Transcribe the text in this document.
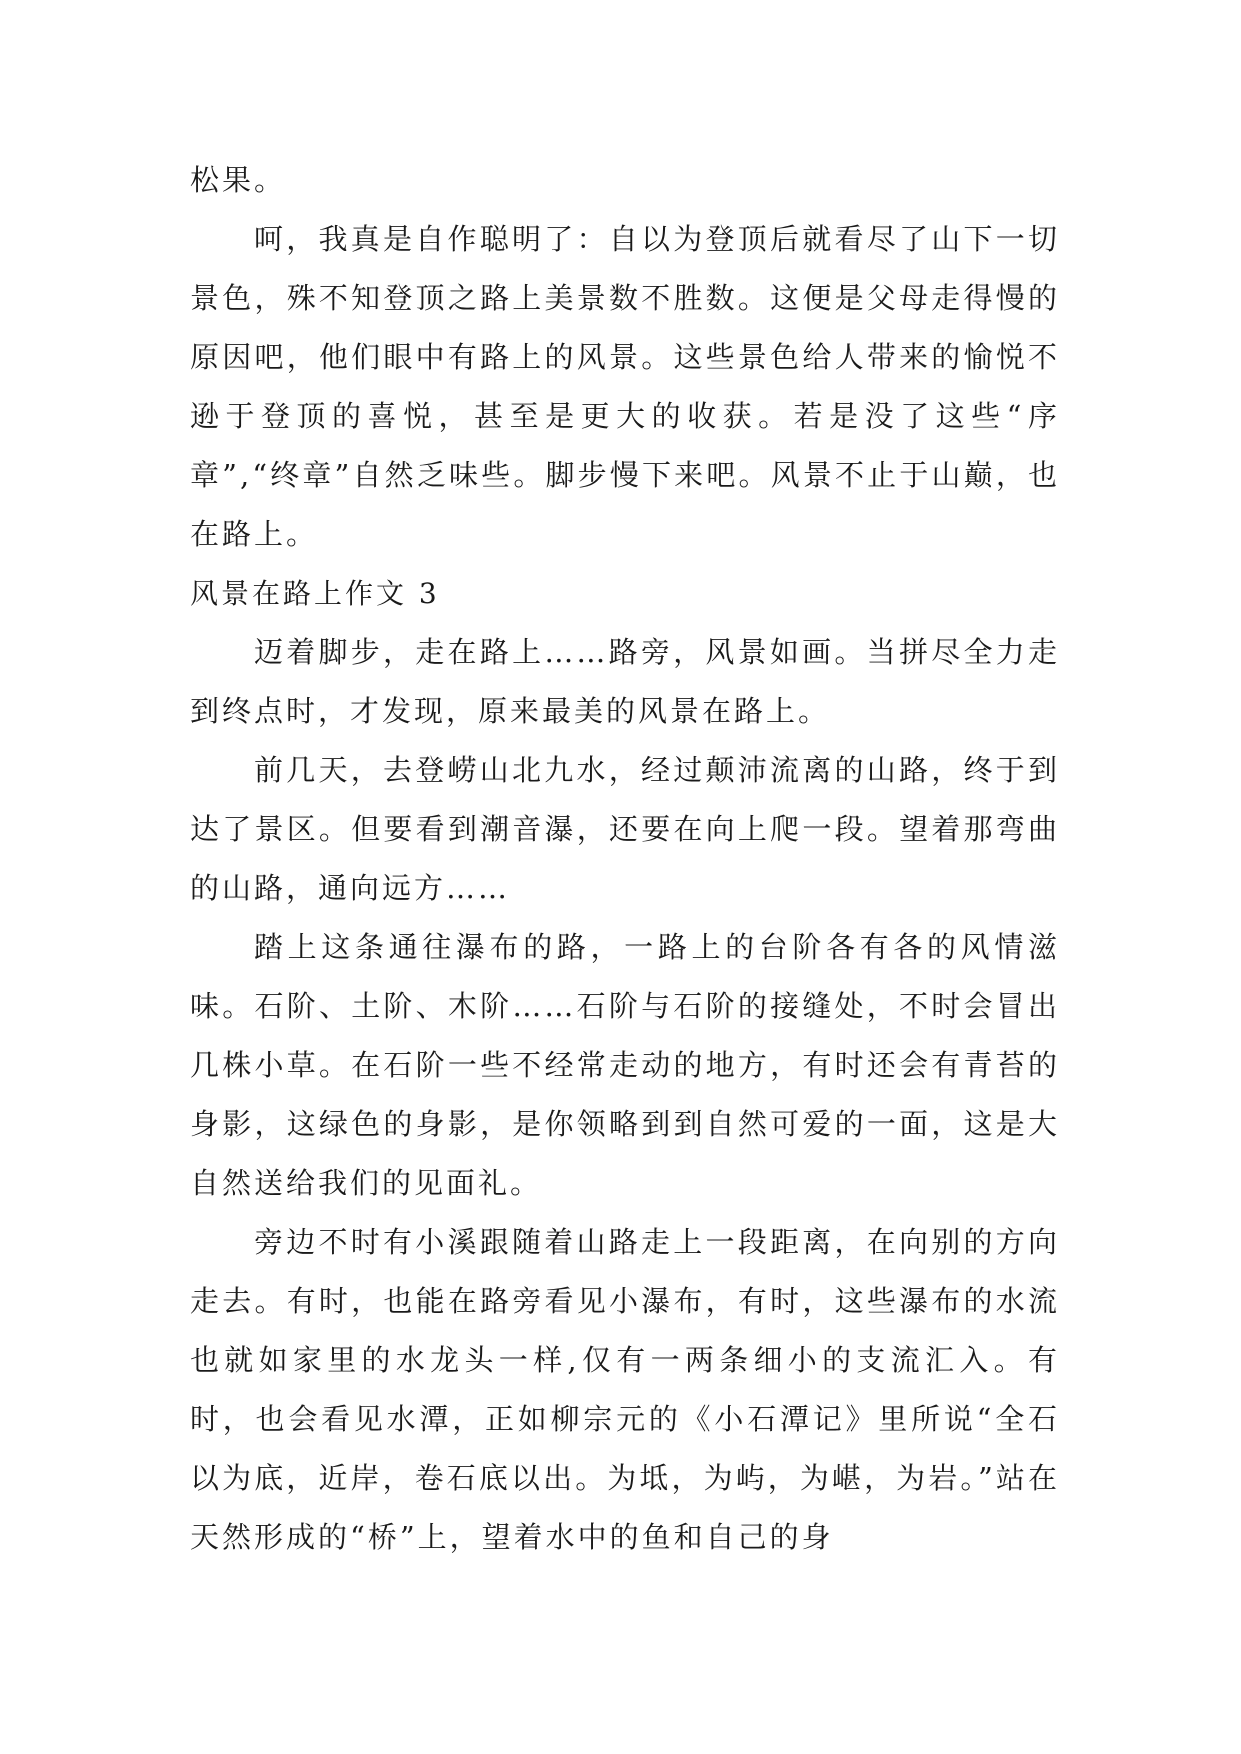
松果。

呵，我真是自作聪明了：自以为登顶后就看尽了山下一切景色，殊不知登顶之路上美景数不胜数。这便是父母走得慢的原因吧，他们眼中有路上的风景。这些景色给人带来的愉悦不逊于登顶的喜悦，甚至是更大的收获。若是没了这些“序章”,“终章”自然乏味些。脚步慢下来吧。风景不止于山巅，也在路上。

风景在路上作文 3

迈着脚步，走在路上……路旁，风景如画。当拼尽全力走到终点时，才发现，原来最美的风景在路上。

前几天，去登崂山北九水，经过颠沛流离的山路，终于到达了景区。但要看到潮音瀑，还要在向上爬一段。望着那弯曲的山路，通向远方……

踏上这条通往瀑布的路，一路上的台阶各有各的风情滋味。石阶、土阶、木阶……石阶与石阶的接缝处，不时会冒出几株小草。在石阶一些不经常走动的地方，有时还会有青苔的身影，这绿色的身影，是你领略到到自然可爱的一面，这是大自然送给我们的见面礼。

旁边不时有小溪跟随着山路走上一段距离，在向别的方向走去。有时，也能在路旁看见小瀑布，有时，这些瀑布的水流也就如家里的水龙头一样,仅有一两条细小的支流汇入。有时，也会看见水潭，正如柳宗元的《小石潭记》里所说“全石以为底，近岸，卷石底以出。为坻，为屿，为嵁，为岩。”站在天然形成的“桥”上，望着水中的鱼和自己的身
